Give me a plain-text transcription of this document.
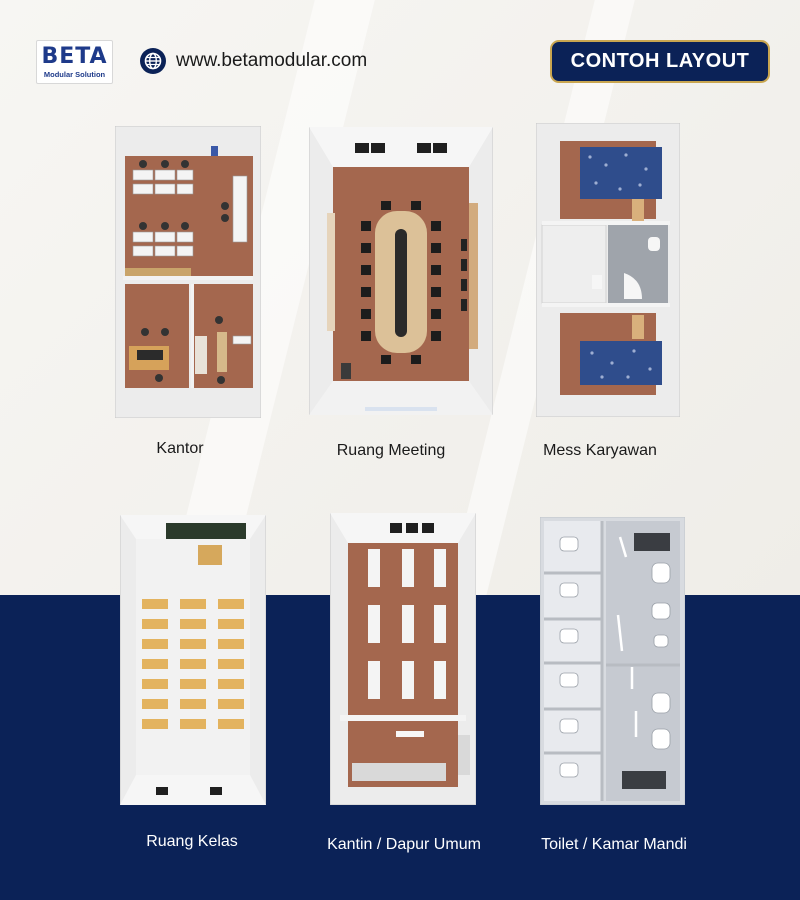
BETA
Modular Solution
www.betamodular.com	CONTOH LAYOUT
Kantor	Ruang Meeting	Mess Karyawan
Ruang Kelas	Kantin / Dapur Umum	Toilet / Kamar Mandi
